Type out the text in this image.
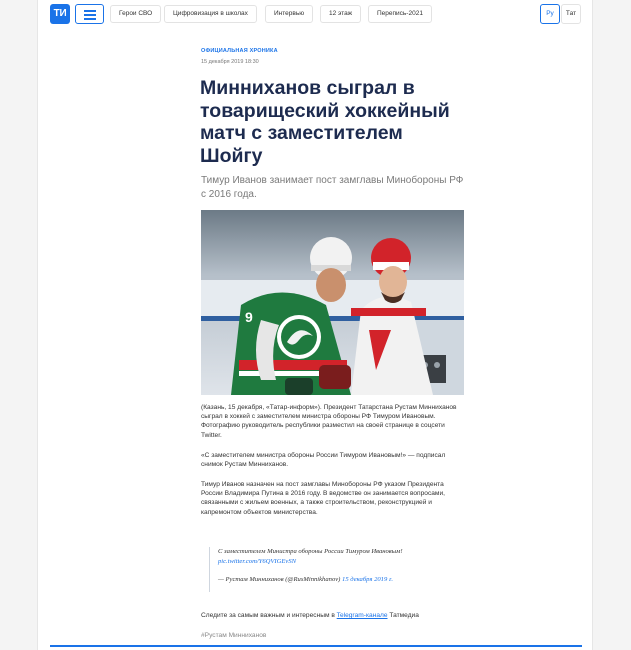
ТИ	Герои СВО	Цифровизация в школах	Интервью	12 этаж	Перепись-2021	Ру	Тат
ОФИЦИАЛЬНАЯ ХРОНИКА
15 декабря 2019 18:30
Минниханов сыграл в товарищеский хоккейный матч с заместителем Шойгу
Тимур Иванов занимает пост замглавы Минобороны РФ с 2016 года.
9

(Казань, 15 декабря, «Татар-информ»). Президент Татарстана Рустам Минниханов сыграл в хоккей с заместителем министра обороны РФ Тимуром Ивановым. Фотографию руководитель республики разместил на своей странице в соцсети Twitter.

«С заместителем министра обороны России Тимуром Ивановым!» — подписал снимок Рустам Минниханов.

Тимур Иванов назначен на пост замглавы Минобороны РФ указом Президента России Владимира Путина в 2016 году. В ведомстве он занимается вопросами, связанными с жильем военных, а также строительством, реконструкцией и капремонтом объектов министерства.

С заместителем Министра обороны России Тимуром Ивановым!
pic.twitter.com/Y6QVIGEvSN
— Рустам Минниханов (@RusMinnikhanov) 15 декабря 2019 г.
Следите за самым важным и интересным в Telegram-канале Татмедиа
#Рустам Минниханов
